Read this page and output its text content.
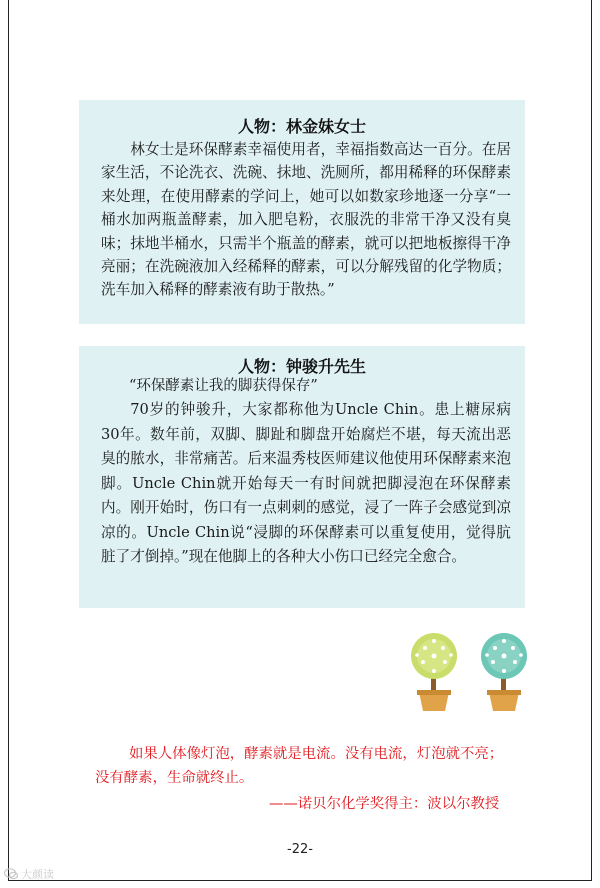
人物：林金妹女士

林女士是环保酵素幸福使用者，幸福指数高达一百分。在居家生活，不论洗衣、洗碗、抹地、洗厕所，都用稀释的环保酵素来处理，在使用酵素的学问上，她可以如数家珍地逐一分享“一桶水加两瓶盖酵素，加入肥皂粉，衣服洗的非常干净又没有臭味；抹地半桶水，只需半个瓶盖的酵素，就可以把地板擦得干净亮丽；在洗碗液加入经稀释的酵素，可以分解残留的化学物质；洗车加入稀释的酵素液有助于散热。”

人物：钟骏升先生

“环保酵素让我的脚获得保存”

70岁的钟骏升，大家都称他为Uncle Chin。患上糖尿病30年。数年前，双脚、脚趾和脚盘开始腐烂不堪，每天流出恶臭的脓水，非常痛苦。后来温秀枝医师建议他使用环保酵素来泡脚。Uncle Chin就开始每天一有时间就把脚浸泡在环保酵素内。刚开始时，伤口有一点刺刺的感觉，浸了一阵子会感觉到凉凉的。Uncle Chin说“浸脚的环保酵素可以重复使用，觉得肮脏了才倒掉。”现在他脚上的各种大小伤口已经完全愈合。

如果人体像灯泡，酵素就是电流。没有电流，灯泡就不亮；
没有酵素，生命就终止。

——诺贝尔化学奖得主：波以尔教授

-22-
大颜读
